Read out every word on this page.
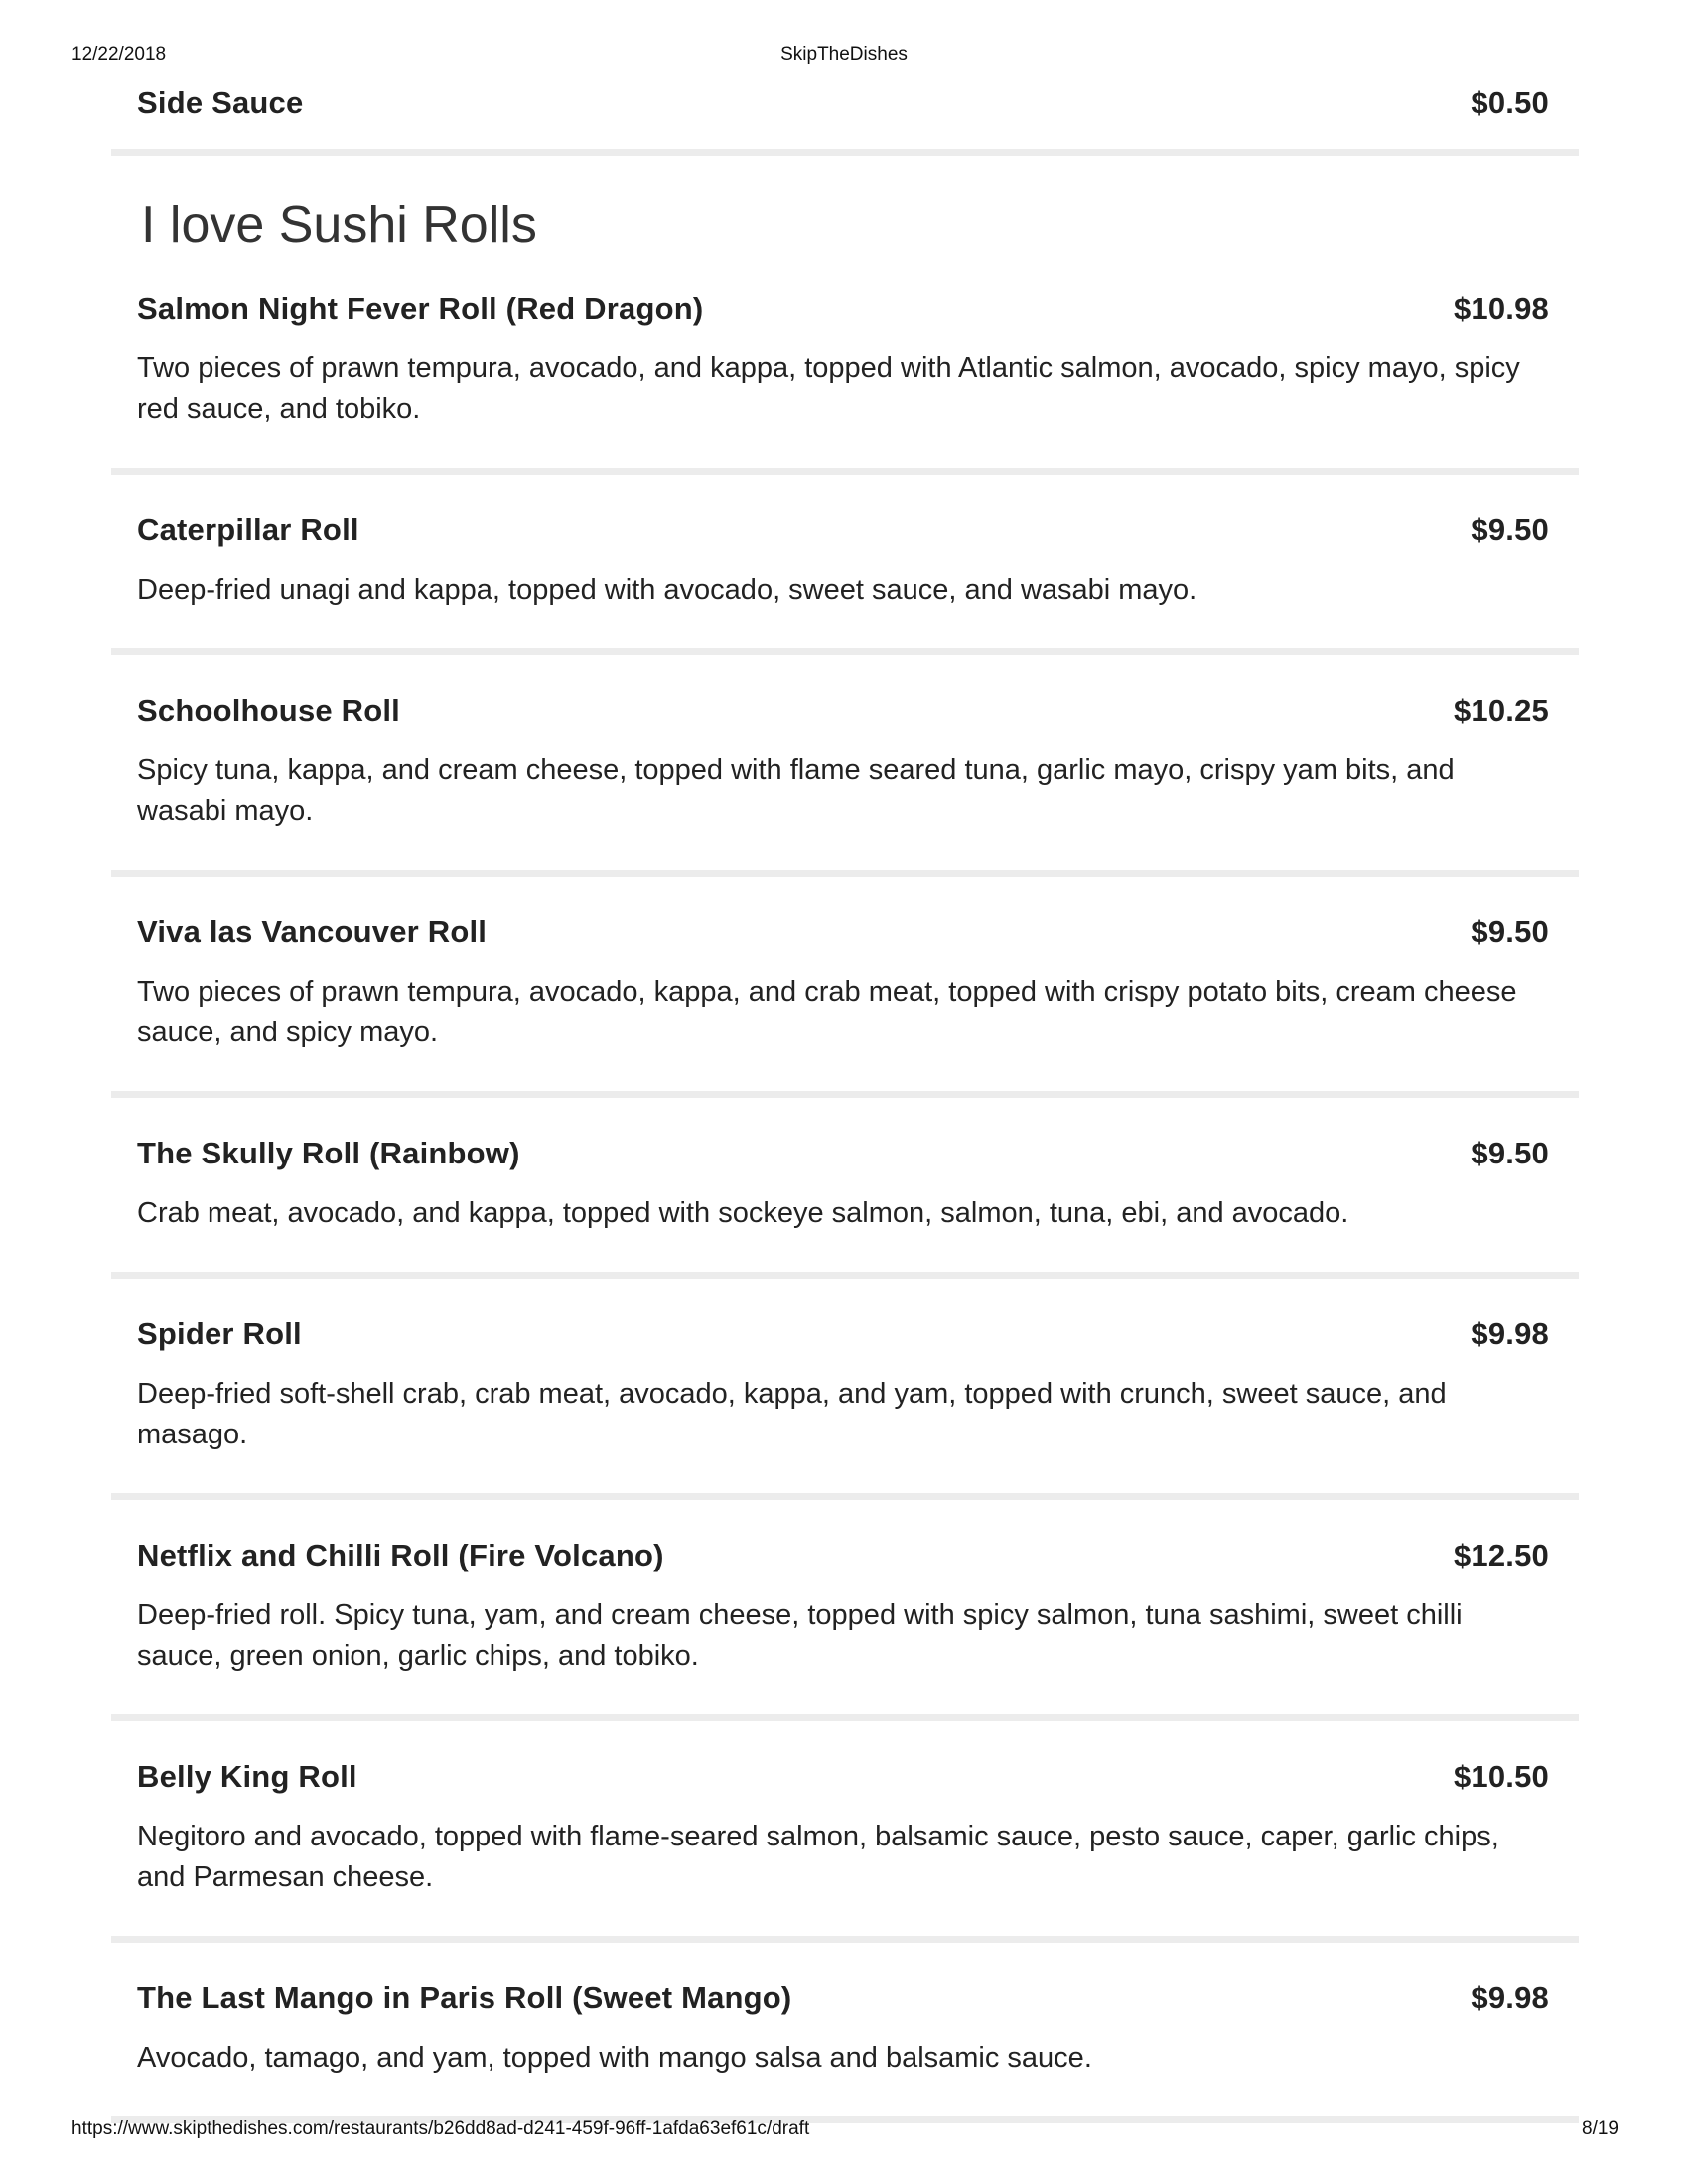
12/22/2018	SkipTheDishes
Side Sauce	$0.50
I love Sushi Rolls
Salmon Night Fever Roll (Red Dragon)	$10.98
Two pieces of prawn tempura, avocado, and kappa, topped with Atlantic salmon, avocado, spicy mayo, spicy red sauce, and tobiko.
Caterpillar Roll	$9.50
Deep-fried unagi and kappa, topped with avocado, sweet sauce, and wasabi mayo.
Schoolhouse Roll	$10.25
Spicy tuna, kappa, and cream cheese, topped with flame seared tuna, garlic mayo, crispy yam bits, and wasabi mayo.
Viva las Vancouver Roll	$9.50
Two pieces of prawn tempura, avocado, kappa, and crab meat, topped with crispy potato bits, cream cheese sauce, and spicy mayo.
The Skully Roll (Rainbow)	$9.50
Crab meat, avocado, and kappa, topped with sockeye salmon, salmon, tuna, ebi, and avocado.
Spider Roll	$9.98
Deep-fried soft-shell crab, crab meat, avocado, kappa, and yam, topped with crunch, sweet sauce, and masago.
Netflix and Chilli Roll (Fire Volcano)	$12.50
Deep-fried roll. Spicy tuna, yam, and cream cheese, topped with spicy salmon, tuna sashimi, sweet chilli sauce, green onion, garlic chips, and tobiko.
Belly King Roll	$10.50
Negitoro and avocado, topped with flame-seared salmon, balsamic sauce, pesto sauce, caper, garlic chips, and Parmesan cheese.
The Last Mango in Paris Roll (Sweet Mango)	$9.98
Avocado, tamago, and yam, topped with mango salsa and balsamic sauce.
https://www.skipthedishes.com/restaurants/b26dd8ad-d241-459f-96ff-1afda63ef61c/draft	8/19
